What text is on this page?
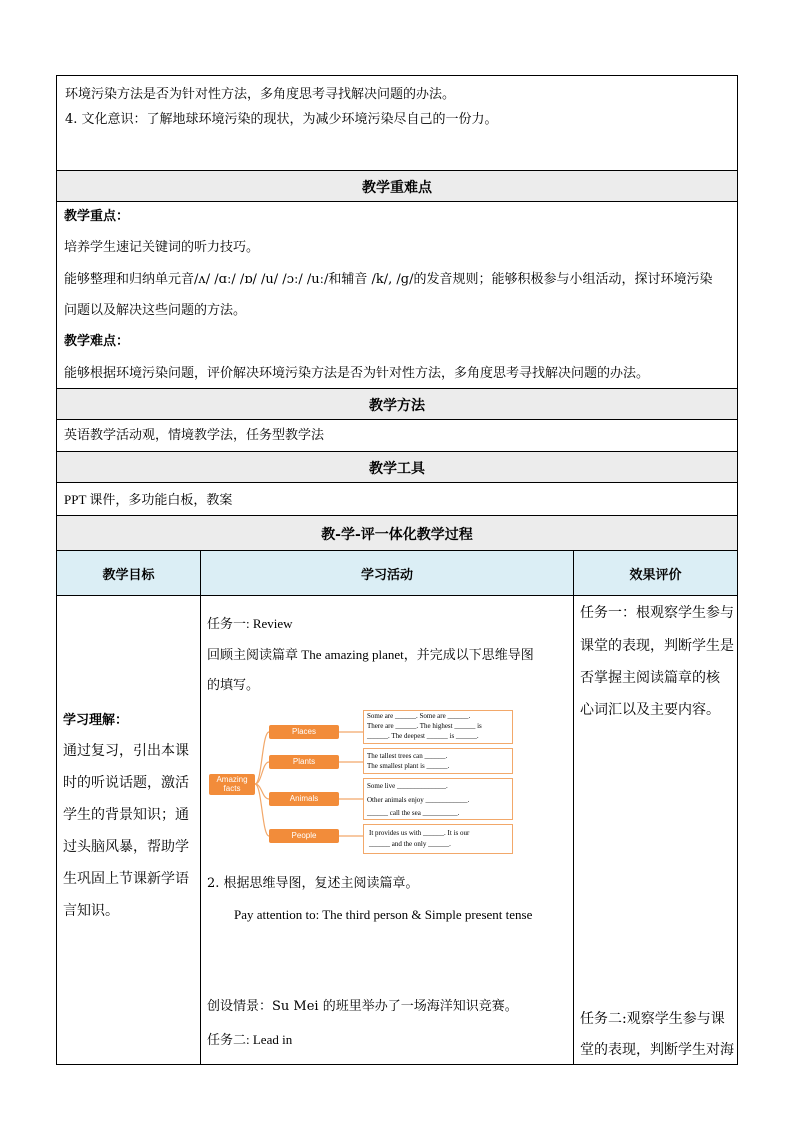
环境污染方法是否为针对性方法，多角度思考寻找解决问题的办法。
4. 文化意识：了解地球环境污染的现状，为减少环境污染尽自己的一份力。
教学重难点
教学重点：
培养学生速记关键词的听力技巧。
能够整理和归纳单元音/ʌ/ /ɑː/ /ɒ/ /u/ /ɔː/ /uː/和辅音 /k/, /g/的发音规则；能够积极参与小组活动，探讨环境污染
问题以及解决这些问题的方法。
教学难点：
能够根据环境污染问题，评价解决环境污染方法是否为针对性方法，多角度思考寻找解决问题的办法。
教学方法
英语教学活动观，情境教学法，任务型教学法
教学工具
PPT 课件，多功能白板，教案
教-学-评一体化教学过程
教学目标	学习活动	效果评价
学习理解：
通过复习，引出本课
时的听说话题，激活
学生的背景知识；通
过头脑风暴，帮助学
生巩固上节课新学语
言知识。
任务一: Review
回顾主阅读篇章 The amazing planet，并完成以下思维导图
的填写。
Amazing facts
Places
Plants
Animals
People
Some are ______. Some are ______.
There are ______. The highest ______ is
______. The deepest ______ is ______.
The tallest trees can ______.
The smallest plant is ______.
Some live ______________.
Other animals enjoy ____________.
______ call the sea __________.
It provides us with ______. It is our
______ and the only ______.
2. 根据思维导图，复述主阅读篇章。
Pay attention to: The third person & Simple present tense
创设情景：Su Mei 的班里举办了一场海洋知识竞赛。
任务二: Lead in
任务一：根观察学生参与
课堂的表现，判断学生是
否掌握主阅读篇章的核
心词汇以及主要内容。
任务二:观察学生参与课
堂的表现，判断学生对海
